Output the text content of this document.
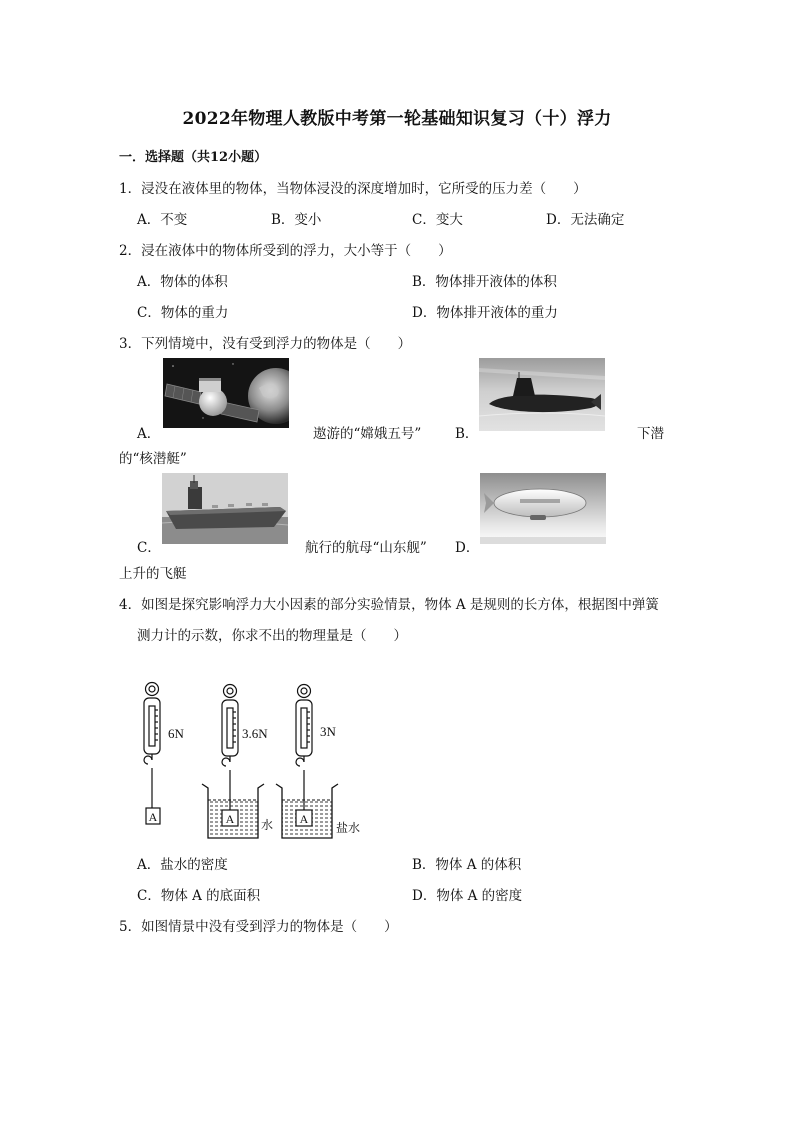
2022年物理人教版中考第一轮基础知识复习（十）浮力
一．选择题（共12小题）
1．浸没在液体里的物体，当物体浸没的深度增加时，它所受的压力差（　　）
A．不变	B．变小	C．变大	D．无法确定
2．浸在液体中的物体所受到的浮力，大小等于（　　）
A．物体的体积	B．物体排开液体的体积
C．物体的重力	D．物体排开液体的重力
3．下列情境中，没有受到浮力的物体是（　　）
A．	遨游的“嫦娥五号” B．	下潜
的“核潜艇”
C．	航行的航母“山东舰” D．
上升的飞艇
4．如图是探究影响浮力大小因素的部分实验情景，物体 A 是规则的长方体，根据图中弹簧
测力计的示数，你求不出的物理量是（　　）
6N
A
3.6N
A 水
3N
A
盐水
A．盐水的密度	B．物体 A 的体积
C．物体 A 的底面积	D．物体 A 的密度
5．如图情景中没有受到浮力的物体是（　　）
